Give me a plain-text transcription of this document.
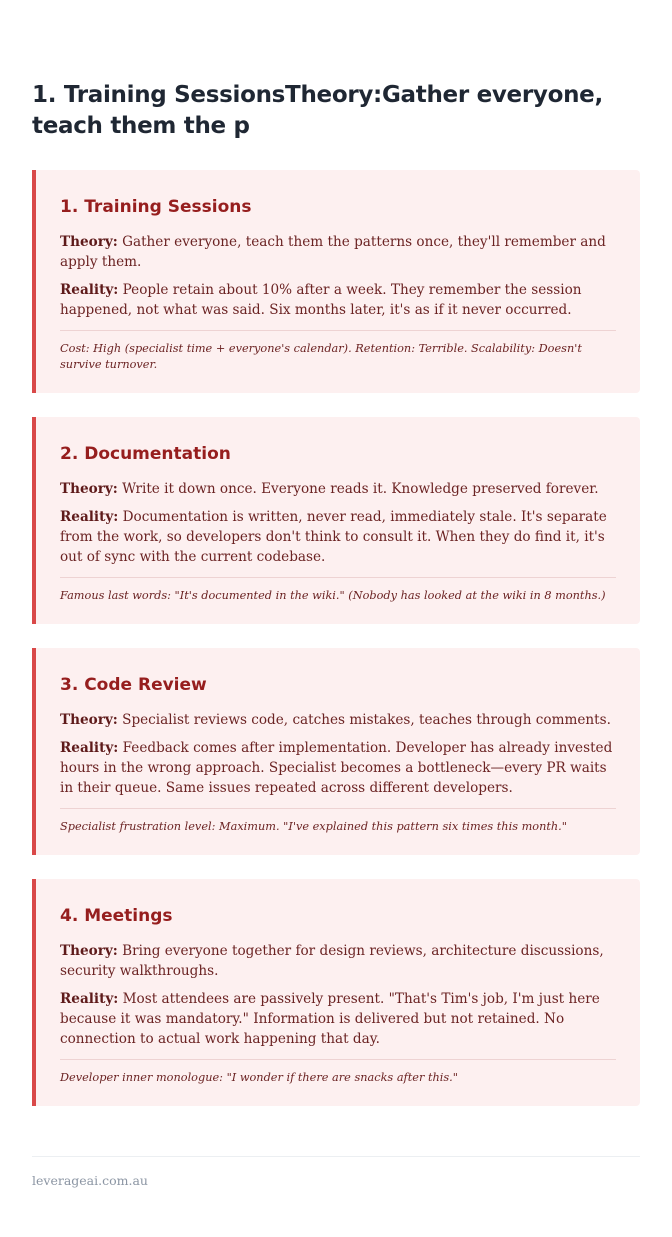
1. Training SessionsTheory:Gather everyone, teach them the p
1. Training Sessions

Theory: Gather everyone, teach them the patterns once, they'll remember and apply them.

Reality: People retain about 10% after a week. They remember the session happened, not what was said. Six months later, it's as if it never occurred.

Cost: High (specialist time + everyone's calendar). Retention: Terrible. Scalability: Doesn't survive turnover.
2. Documentation

Theory: Write it down once. Everyone reads it. Knowledge preserved forever.

Reality: Documentation is written, never read, immediately stale. It's separate from the work, so developers don't think to consult it. When they do find it, it's out of sync with the current codebase.

Famous last words: "It's documented in the wiki." (Nobody has looked at the wiki in 8 months.)
3. Code Review

Theory: Specialist reviews code, catches mistakes, teaches through comments.

Reality: Feedback comes after implementation. Developer has already invested hours in the wrong approach. Specialist becomes a bottleneck—every PR waits in their queue. Same issues repeated across different developers.

Specialist frustration level: Maximum. "I've explained this pattern six times this month."
4. Meetings

Theory: Bring everyone together for design reviews, architecture discussions, security walkthroughs.

Reality: Most attendees are passively present. "That's Tim's job, I'm just here because it was mandatory." Information is delivered but not retained. No connection to actual work happening that day.

Developer inner monologue: "I wonder if there are snacks after this."
leverageai.com.au
